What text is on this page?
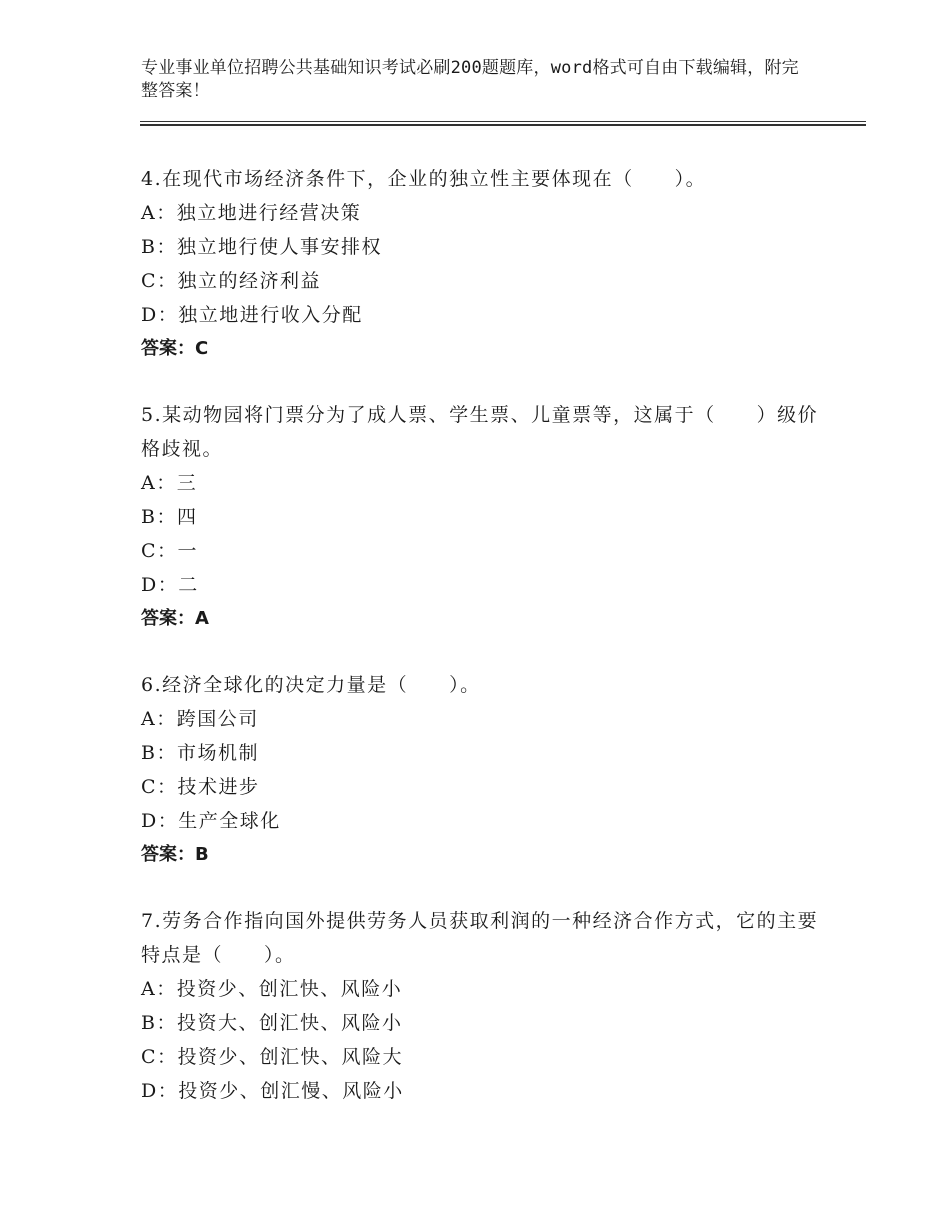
专业事业单位招聘公共基础知识考试必刷200题题库，word格式可自由下载编辑，附完整答案！
4.在现代市场经济条件下，企业的独立性主要体现在（　　）。
A：独立地进行经营决策
B：独立地行使人事安排权
C：独立的经济利益
D：独立地进行收入分配
答案：C
5.某动物园将门票分为了成人票、学生票、儿童票等，这属于（　　）级价格歧视。
A：三
B：四
C：一
D：二
答案：A
6.经济全球化的决定力量是（　　）。
A：跨国公司
B：市场机制
C：技术进步
D：生产全球化
答案：B
7.劳务合作指向国外提供劳务人员获取利润的一种经济合作方式，它的主要特点是（　　）。
A：投资少、创汇快、风险小
B：投资大、创汇快、风险小
C：投资少、创汇快、风险大
D：投资少、创汇慢、风险小
